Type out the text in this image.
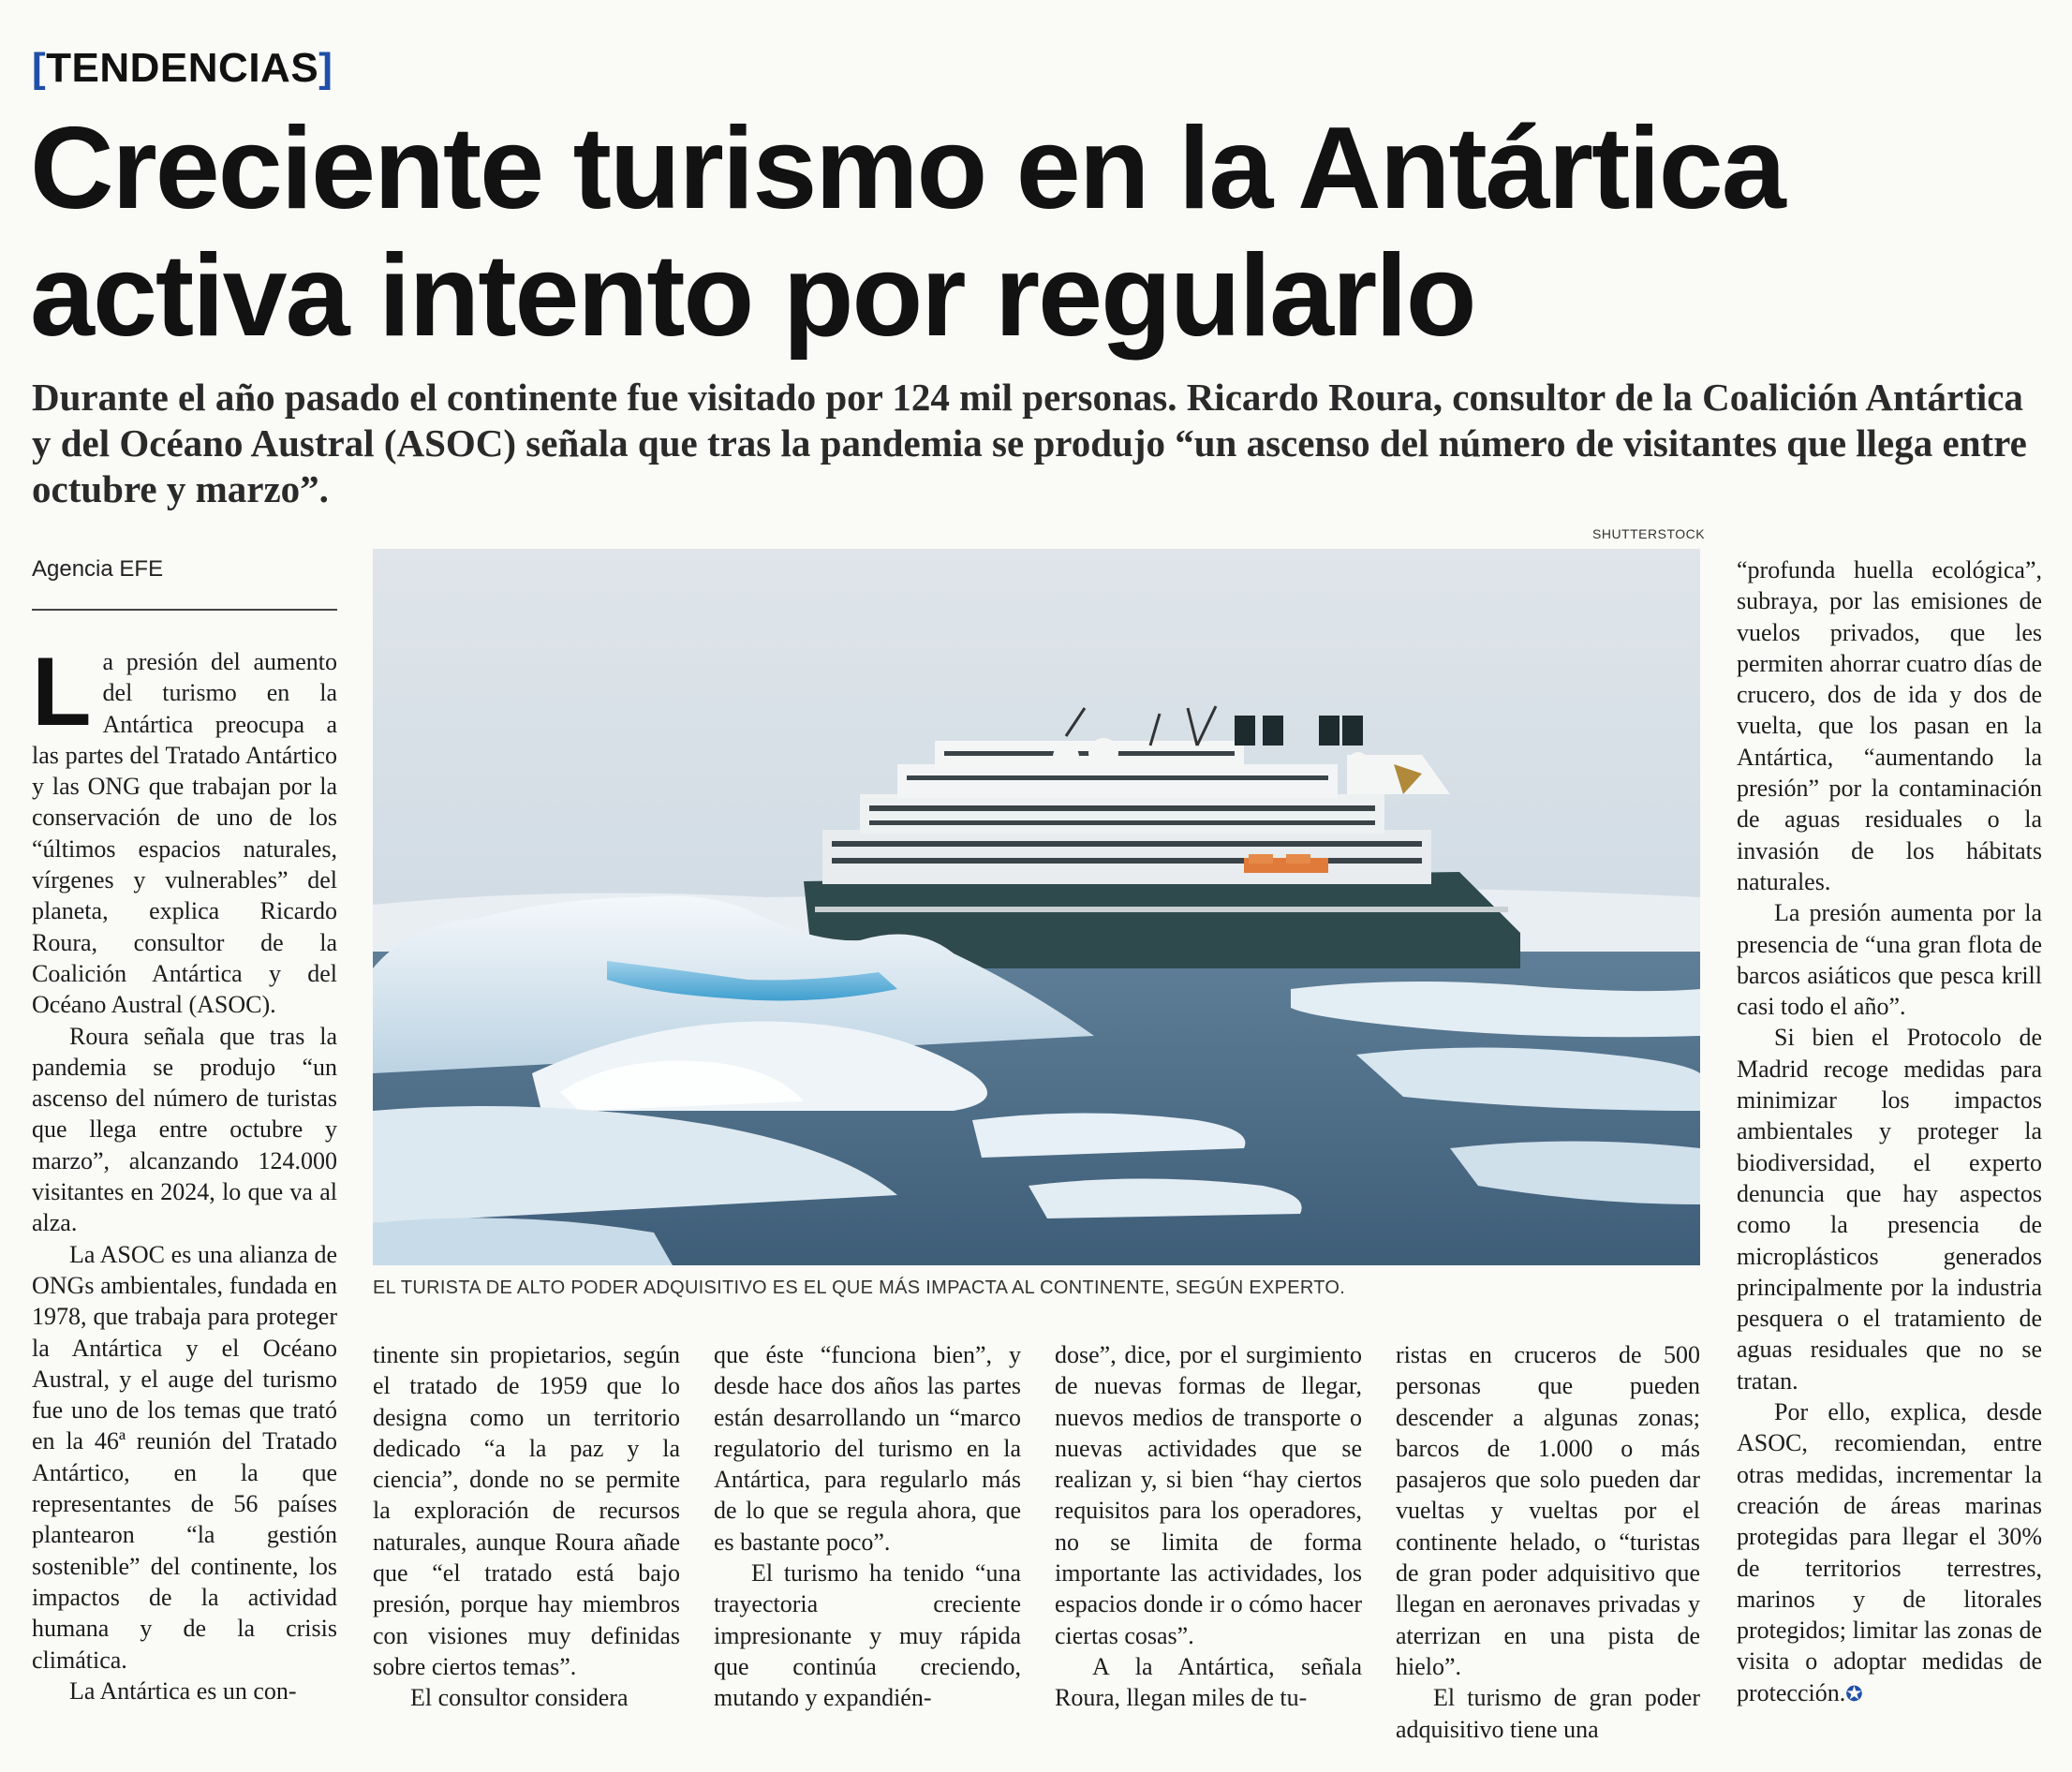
[TENDENCIAS]
Creciente turismo en la Antártica activa intento por regularlo

Durante el año pasado el continente fue visitado por 124 mil personas. Ricardo Roura, consultor de la Coalición Antártica y del Océano Austral (ASOC) señala que tras la pandemia se produjo “un ascenso del número de visitantes que llega entre octubre y marzo”.

Agencia EFE
SHUTTERSTOCK
EL TURISTA DE ALTO PODER ADQUISITIVO ES EL QUE MÁS IMPACTA AL CONTINENTE, SEGÚN EXPERTO.

La presión del aumento del turismo en la Antártica preocupa a las partes del Tratado Antártico y las ONG que trabajan por la conservación de uno de los “últimos espacios naturales, vírgenes y vulnerables” del planeta, explica Ricardo Roura, consultor de la Coalición Antártica y del Océano Austral (ASOC).

Roura señala que tras la pandemia se produjo “un ascenso del número de turistas que llega entre octubre y marzo”, alcanzando 124.000 visitantes en 2024, lo que va al alza.

La ASOC es una alianza de ONGs ambientales, fundada en 1978, que trabaja para proteger la Antártica y el Océano Austral, y el auge del turismo fue uno de los temas que trató en la 46ª reunión del Tratado Antártico, en la que representantes de 56 países plantearon “la gestión sostenible” del continente, los impactos de la actividad humana y de la crisis climática.

La Antártica es un con-

tinente sin propietarios, según el tratado de 1959 que lo designa como un territorio dedicado “a la paz y la ciencia”, donde no se permite la exploración de recursos naturales, aunque Roura añade que “el tratado está bajo presión, porque hay miembros con visiones muy definidas sobre ciertos temas”.

El consultor considera

que éste “funciona bien”, y desde hace dos años las partes están desarrollando un “marco regulatorio del turismo en la Antártica, para regularlo más de lo que se regula ahora, que es bastante poco”.

El turismo ha tenido “una trayectoria creciente impresionante y muy rápida que continúa creciendo, mutando y expandién-

dose”, dice, por el surgimiento de nuevas formas de llegar, nuevos medios de transporte o nuevas actividades que se realizan y, si bien “hay ciertos requisitos para los operadores, no se limita de forma importante las actividades, los espacios donde ir o cómo hacer ciertas cosas”.

A la Antártica, señala Roura, llegan miles de tu-

ristas en cruceros de 500 personas que pueden descender a algunas zonas; barcos de 1.000 o más pasajeros que solo pueden dar vueltas y vueltas por el continente helado, o “turistas de gran poder adquisitivo que llegan en aeronaves privadas y aterrizan en una pista de hielo”.

El turismo de gran poder adquisitivo tiene una

“profunda huella ecológica”, subraya, por las emisiones de vuelos privados, que les permiten ahorrar cuatro días de crucero, dos de ida y dos de vuelta, que los pasan en la Antártica, “aumentando la presión” por la contaminación de aguas residuales o la invasión de los hábitats naturales.

La presión aumenta por la presencia de “una gran flota de barcos asiáticos que pesca krill casi todo el año”.

Si bien el Protocolo de Madrid recoge medidas para minimizar los impactos ambientales y proteger la biodiversidad, el experto denuncia que hay aspectos como la presencia de microplásticos generados principalmente por la industria pesquera o el tratamiento de aguas residuales que no se tratan.

Por ello, explica, desde ASOC, recomiendan, entre otras medidas, incrementar la creación de áreas marinas protegidas para llegar el 30% de territorios terrestres, marinos y de litorales protegidos; limitar las zonas de visita o adoptar medidas de protección.✪
